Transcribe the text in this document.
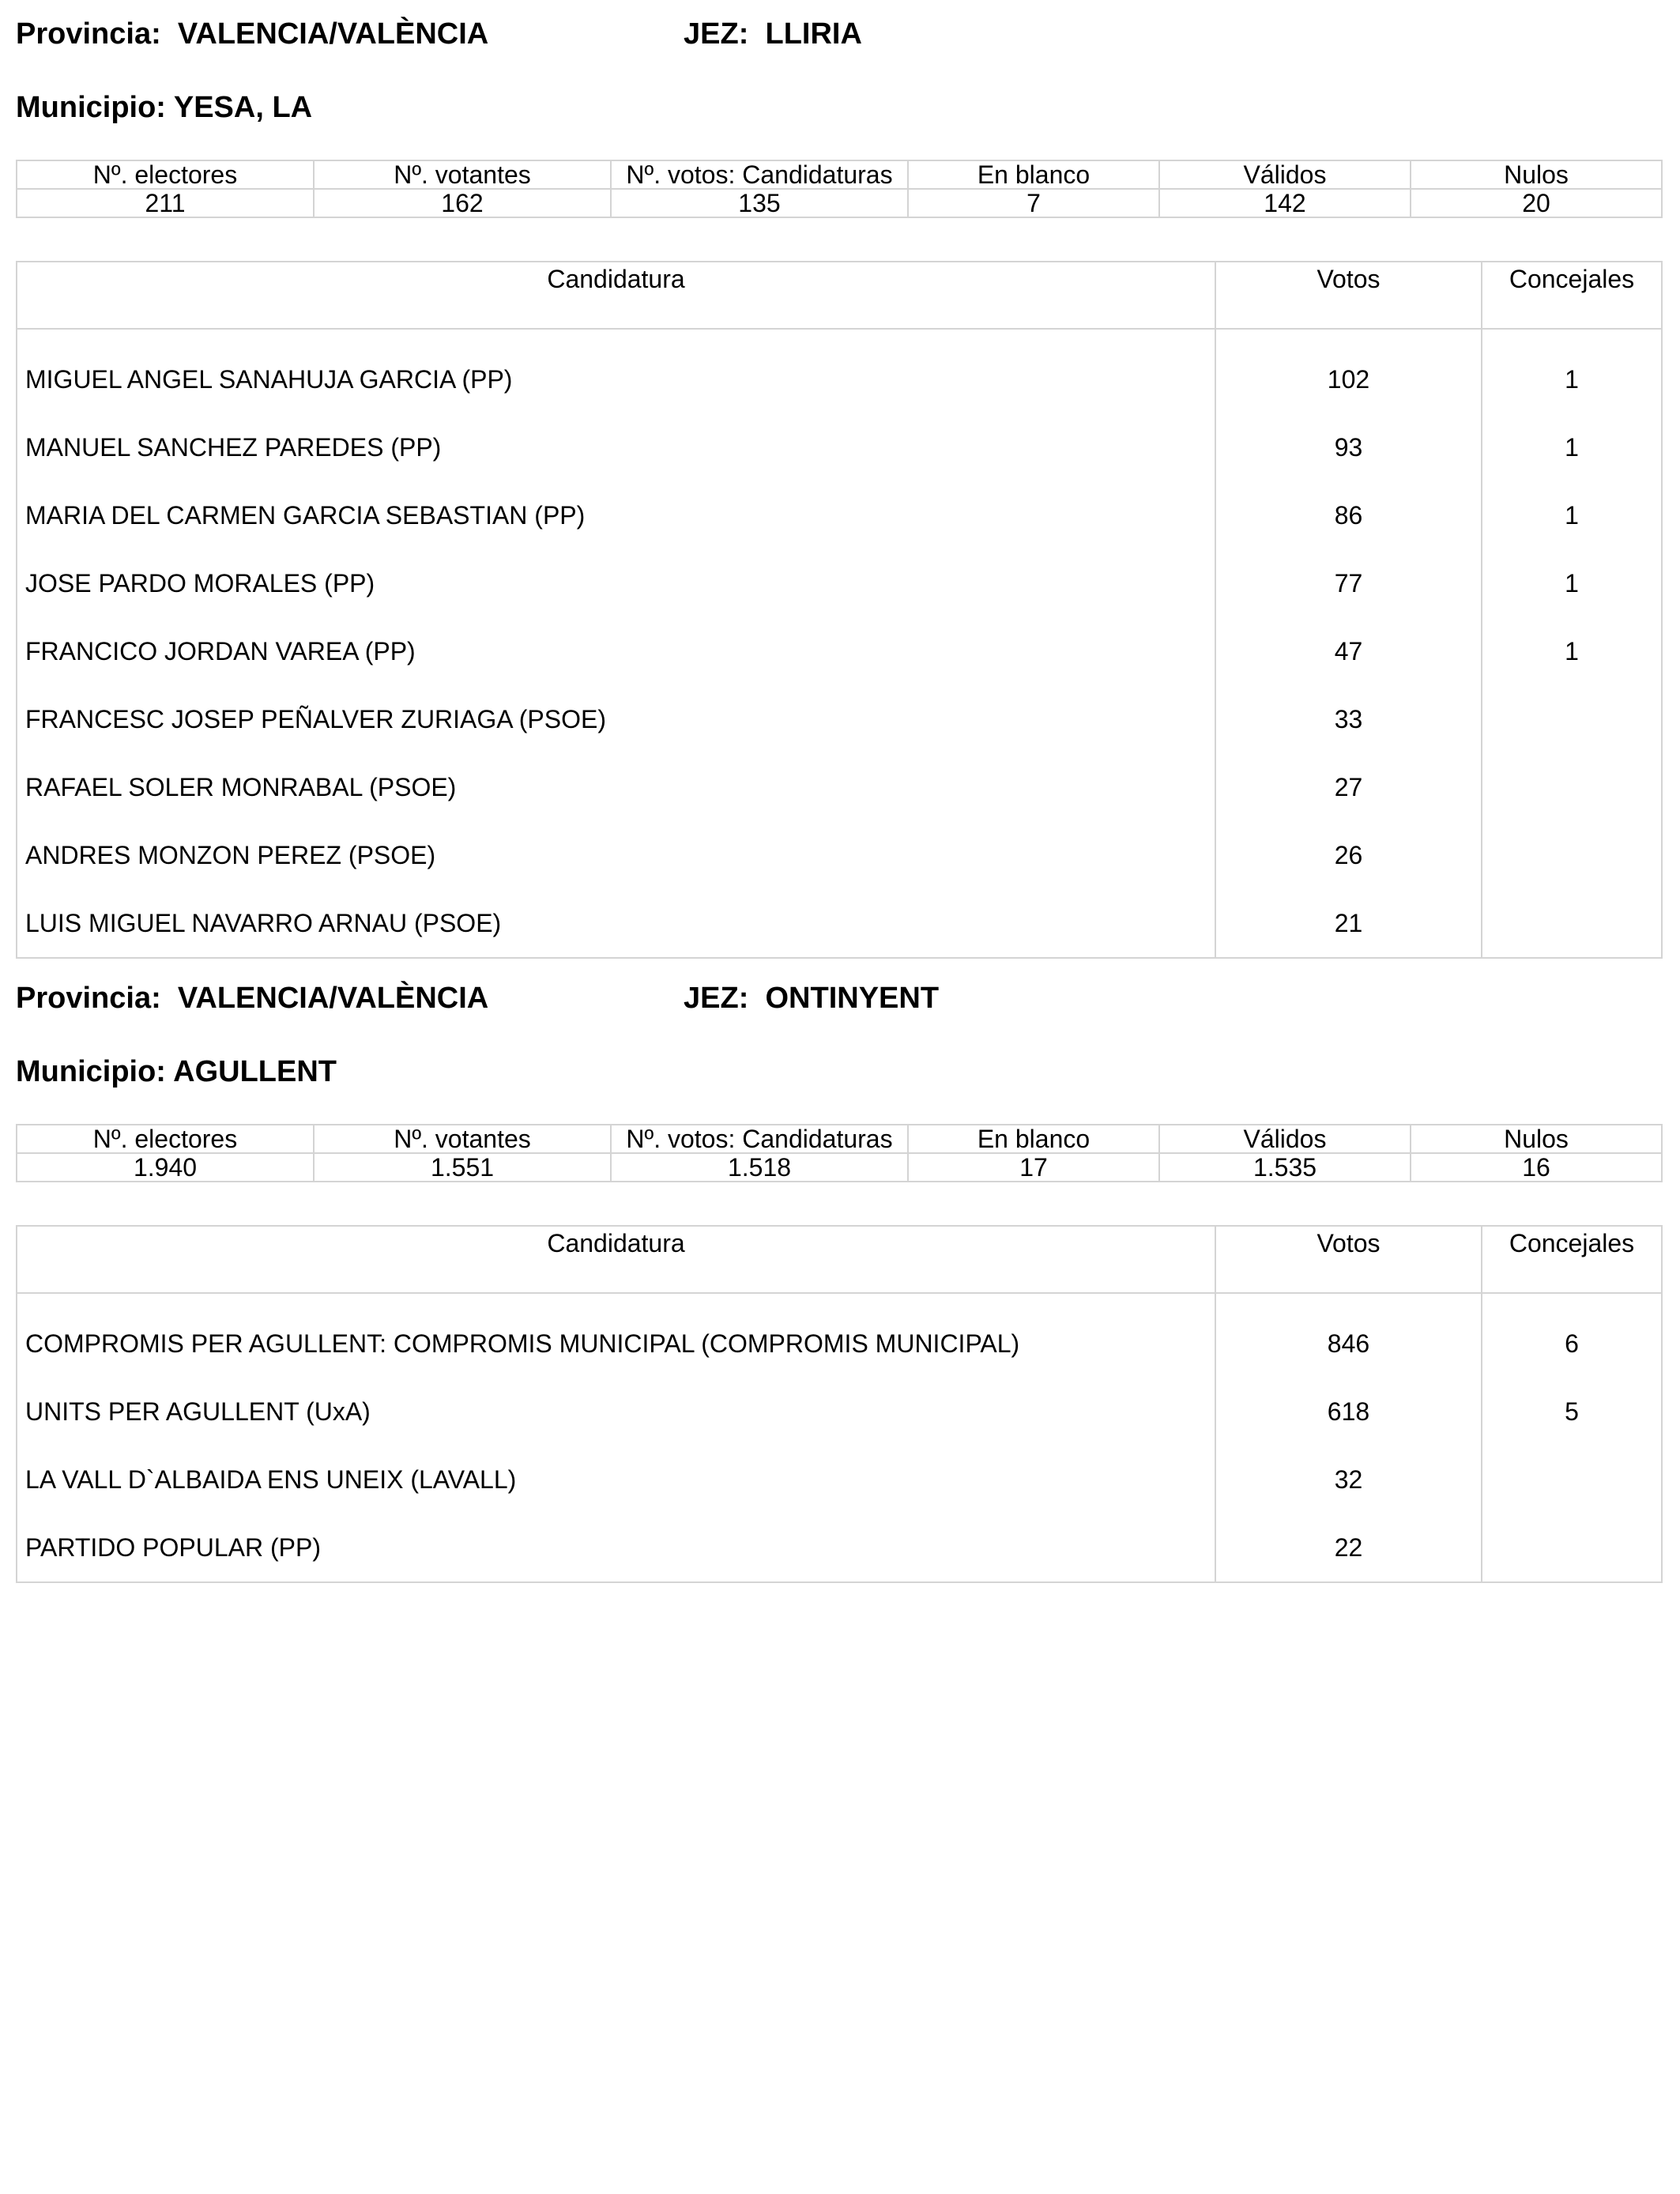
Provincia: VALENCIA/VALÈNCIA	JEZ: LLIRIA
Municipio: YESA, LA
Nº. electores	Nº. votantes	Nº. votos: Candidaturas	En blanco	Válidos	Nulos
211	162	135	7	142	20
Candidatura	Votos	Concejales

MIGUEL ANGEL SANAHUJA GARCIA (PP)	102	1
MANUEL SANCHEZ PAREDES (PP)	93	1
MARIA DEL CARMEN GARCIA SEBASTIAN (PP)	86	1
JOSE PARDO MORALES (PP)	77	1
FRANCICO JORDAN VAREA (PP)	47	1
FRANCESC JOSEP PEÑALVER ZURIAGA (PSOE)	33	
RAFAEL SOLER MONRABAL (PSOE)	27	
ANDRES MONZON PEREZ (PSOE)	26	
LUIS MIGUEL NAVARRO ARNAU (PSOE)	21	
Provincia: VALENCIA/VALÈNCIA	JEZ: ONTINYENT
Municipio: AGULLENT
Nº. electores	Nº. votantes	Nº. votos: Candidaturas	En blanco	Válidos	Nulos
1.940	1.551	1.518	17	1.535	16
Candidatura	Votos	Concejales

COMPROMIS PER AGULLENT: COMPROMIS MUNICIPAL (COMPROMIS MUNICIPAL)	846	6
UNITS PER AGULLENT (UxA)	618	5
LA VALL D`ALBAIDA ENS UNEIX (LAVALL)	32	
PARTIDO POPULAR (PP)	22	
